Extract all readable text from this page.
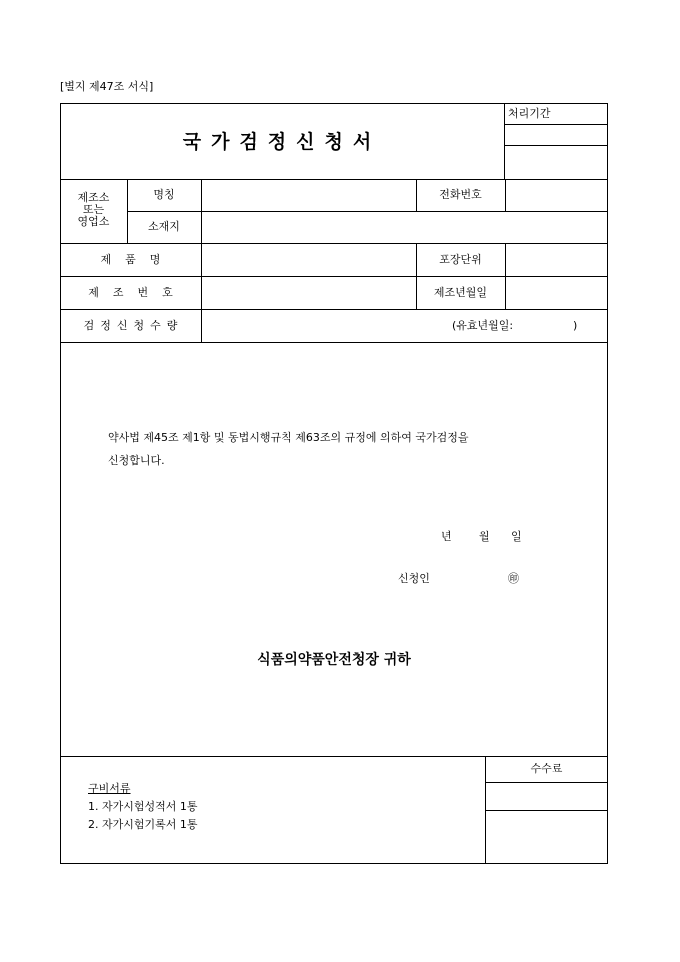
[별지 제47조 서식]
국가검정신청서
처리기간
제조소
또는
영업소
명칭	전화번호
소재지
제품명	포장단위
제조번호	제조년월일
검정신청수량	(유효년월일:	)
약사법 제45조 제1항 및 동법시행규칙 제63조의 규정에 의하여 국가검정을
신청합니다.
년 월 일
신청인	㊞
식품의약품안전청장 귀하
수수료
구비서류
1. 자가시험성적서 1통
2. 자가시험기록서 1통
